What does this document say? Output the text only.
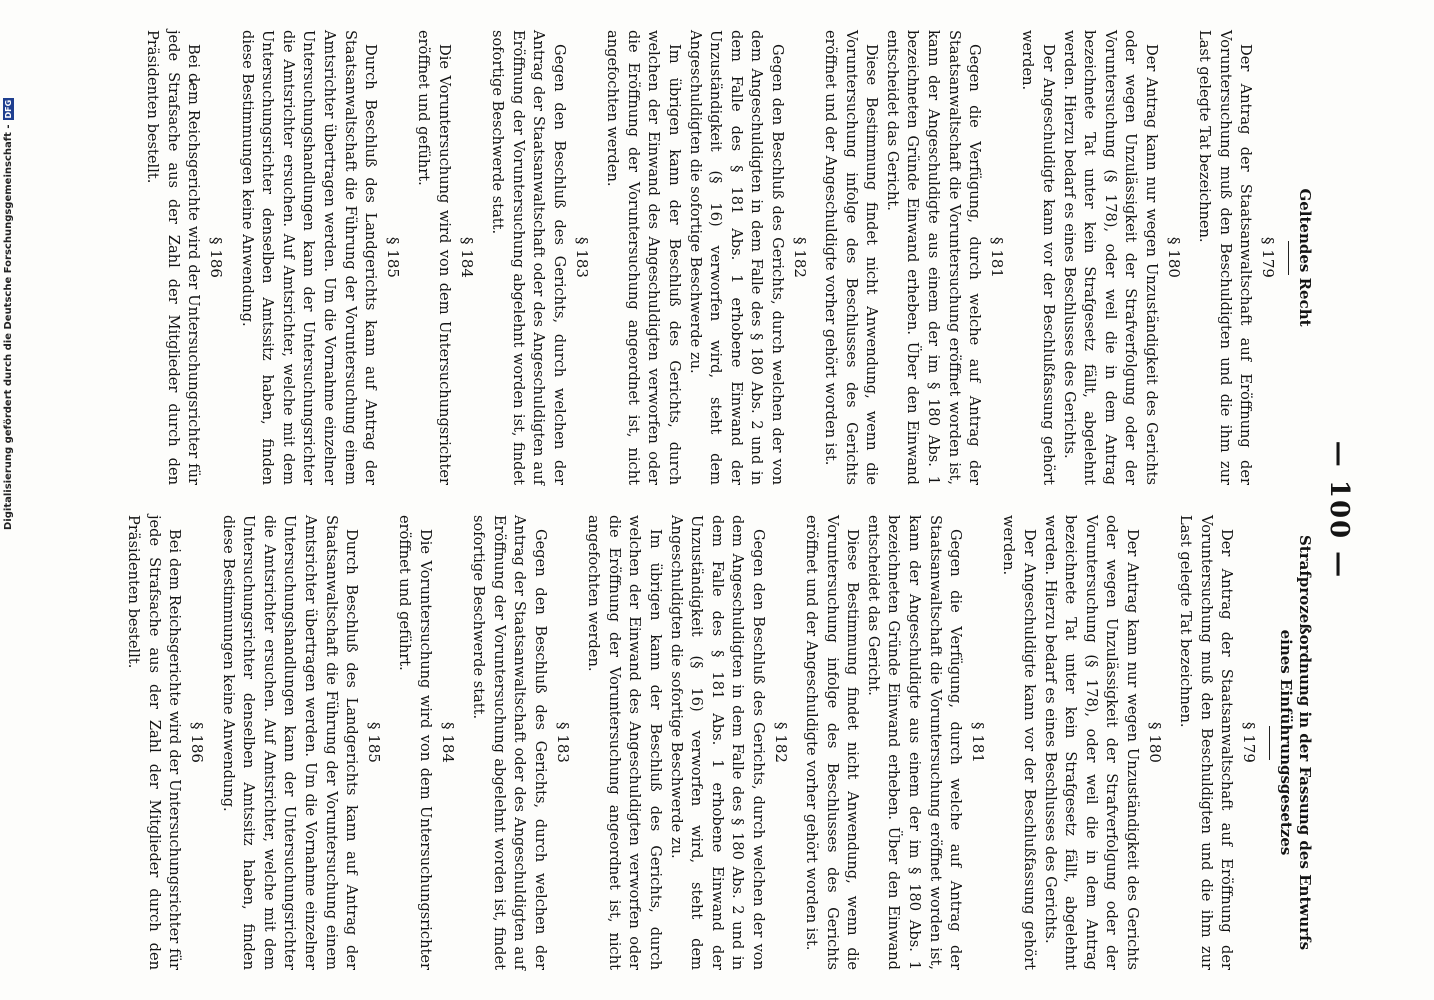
— 100 —
Geltendes Recht
§ 179

Der Antrag der Staatsanwaltschaft auf Eröffnung der Voruntersuchung muß den Beschuldigten und die ihm zur Last gelegte Tat bezeichnen.

§ 180

Der Antrag kann nur wegen Unzuständigkeit des Gerichts oder wegen Unzulässigkeit der Strafverfolgung oder der Voruntersuchung (§ 178), oder weil die in dem Antrag bezeichnete Tat unter kein Strafgesetz fällt, abgelehnt werden. Hierzu bedarf es eines Beschlusses des Gerichts.

Der Angeschuldigte kann vor der Beschlußfassung gehört werden.

§ 181

Gegen die Verfügung, durch welche auf Antrag der Staatsanwaltschaft die Voruntersuchung eröffnet worden ist, kann der Angeschuldigte aus einem der im § 180 Abs. 1 bezeichneten Gründe Einwand erheben. Über den Einwand entscheidet das Gericht.

Diese Bestimmung findet nicht Anwendung, wenn die Voruntersuchung infolge des Beschlusses des Gerichts eröffnet und der Angeschuldigte vorher gehört worden ist.

§ 182

Gegen den Beschluß des Gerichts, durch welchen der von dem Angeschuldigten in dem Falle des § 180 Abs. 2 und in dem Falle des § 181 Abs. 1 erhobene Einwand der Unzuständigkeit (§ 16) verworfen wird, steht dem Angeschuldigten die sofortige Beschwerde zu.

Im übrigen kann der Beschluß des Gerichts, durch welchen der Einwand des Angeschuldigten verworfen oder die Eröffnung der Voruntersuchung angeordnet ist, nicht angefochten werden.

§ 183

Gegen den Beschluß des Gerichts, durch welchen der Antrag der Staatsanwaltschaft oder des Angeschuldigten auf Eröffnung der Voruntersuchung abgelehnt worden ist, findet sofortige Beschwerde statt.

§ 184

Die Voruntersuchung wird von dem Untersuchungsrichter eröffnet und geführt.

§ 185

Durch Beschluß des Landgerichts kann auf Antrag der Staatsanwaltschaft die Führung der Voruntersuchung einem Amtsrichter übertragen werden. Um die Vornahme einzelner Untersuchungshandlungen kann der Untersuchungsrichter die Amtsrichter ersuchen. Auf Amtsrichter, welche mit dem Untersuchungsrichter denselben Amtssitz haben, finden diese Bestimmungen keine Anwendung.

§ 186

Bei dem Reichsgerichte wird der Untersuchungsrichter für jede Strafsache aus der Zahl der Mitglieder durch den Präsidenten bestellt.

Strafprozeßordnung in der Fassung des Entwurfs eines Einführungsgesetzes
§ 179

Der Antrag der Staatsanwaltschaft auf Eröffnung der Voruntersuchung muß den Beschuldigten und die ihm zur Last gelegte Tat bezeichnen.

§ 180

Der Antrag kann nur wegen Unzuständigkeit des Gerichts oder wegen Unzulässigkeit der Strafverfolgung oder der Voruntersuchung (§ 178), oder weil die in dem Antrag bezeichnete Tat unter kein Strafgesetz fällt, abgelehnt werden. Hierzu bedarf es eines Beschlusses des Gerichts.

Der Angeschuldigte kann vor der Beschlußfassung gehört werden.

§ 181

Gegen die Verfügung, durch welche auf Antrag der Staatsanwaltschaft die Voruntersuchung eröffnet worden ist, kann der Angeschuldigte aus einem der im § 180 Abs. 1 bezeichneten Gründe Einwand erheben. Über den Einwand entscheidet das Gericht.

Diese Bestimmung findet nicht Anwendung, wenn die Voruntersuchung infolge des Beschlusses des Gerichts eröffnet und der Angeschuldigte vorher gehört worden ist.

§ 182

Gegen den Beschluß des Gerichts, durch welchen der von dem Angeschuldigten in dem Falle des § 180 Abs. 2 und in dem Falle des § 181 Abs. 1 erhobene Einwand der Unzuständigkeit (§ 16) verworfen wird, steht dem Angeschuldigten die sofortige Beschwerde zu.

Im übrigen kann der Beschluß des Gerichts, durch welchen der Einwand des Angeschuldigten verworfen oder die Eröffnung der Voruntersuchung angeordnet ist, nicht angefochten werden.

§ 183

Gegen den Beschluß des Gerichts, durch welchen der Antrag der Staatsanwaltschaft oder des Angeschuldigten auf Eröffnung der Voruntersuchung abgelehnt worden ist, findet sofortige Beschwerde statt.

§ 184

Die Voruntersuchung wird von dem Untersuchungsrichter eröffnet und geführt.

§ 185

Durch Beschluß des Landgerichts kann auf Antrag der Staatsanwaltschaft die Führung der Voruntersuchung einem Amtsrichter übertragen werden. Um die Vornahme einzelner Untersuchungshandlungen kann der Untersuchungsrichter die Amtsrichter ersuchen. Auf Amtsrichter, welche mit dem Untersuchungsrichter denselben Amtssitz haben, finden diese Bestimmungen keine Anwendung.

§ 186

Bei dem Reichsgerichte wird der Untersuchungsrichter für jede Strafsache aus der Zahl der Mitglieder durch den Präsidenten bestellt.

Digitalisierung gefördert durch die Deutsche Forschungsgemeinschaft -DFG
